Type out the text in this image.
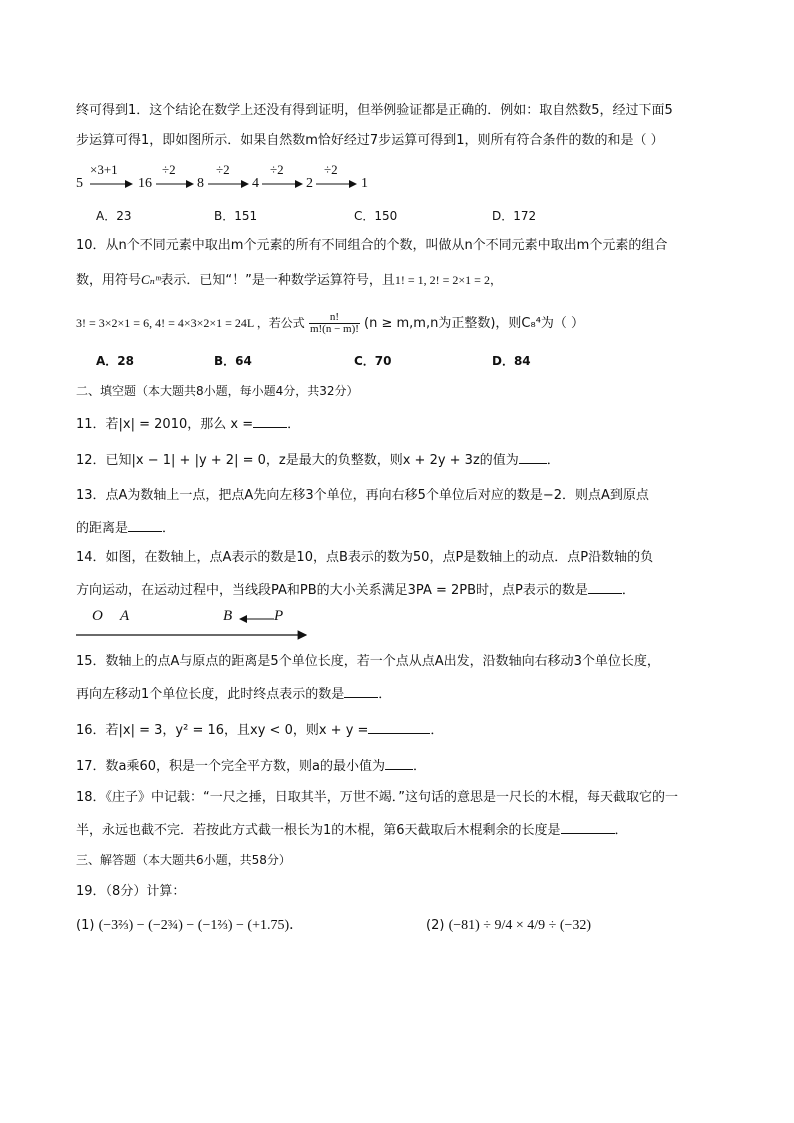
终可得到1．这个结论在数学上还没有得到证明，但举例验证都是正确的．例如：取自然数5，经过下面5
步运算可得1，即如图所示．如果自然数m恰好经过7步运算可得到1，则所有符合条件的数的和是（ ）
5	16	8	4	2	1
×3+1	÷2	÷2	÷2	÷2
A．23	B．151	C．150	D．172
10．从n个不同元素中取出m个元素的所有不同组合的个数，叫做从n个不同元素中取出m个元素的组合
数，用符号Cₙᵐ表示．已知“！”是一种数学运算符号，且1! = 1, 2! = 2×1 = 2，
3! = 3×2×1 = 6, 4! = 4×3×2×1 = 24L ，若公式 $\frac{n!}{m!(n - m)!} (n \ge m,m,n$为正整数)，则C₈⁴为（ ）
A．28	B．64	C．70	D．84
二、填空题（本大题共8小题，每小题4分，共32分）
11．若|x| = 2010，那么 x =	．
12．已知|x − 1| + |y + 2| = 0，z是最大的负整数，则x + 2y + 3z的值为 ．
13．点A为数轴上一点，把点A先向左移3个单位，再向右移5个单位后对应的数是−2．则点A到原点
的距离是	．
14．如图，在数轴上，点A表示的数是10，点B表示的数为50，点P是数轴上的动点．点P沿数轴的负
方向运动，在运动过程中，当线段PA和PB的大小关系满足3PA = 2PB时，点P表示的数是	．
O A	B	P
15．数轴上的点A与原点的距离是5个单位长度，若一个点从点A出发，沿数轴向右移动3个单位长度，
再向左移动1个单位长度，此时终点表示的数是	．
16．若|x| = 3，y² = 16，且xy < 0，则x + y =	．
17．数a乘60，积是一个完全平方数，则a的最小值为 ．
18．《庄子》中记载：“一尺之捶，日取其半，万世不竭．”这句话的意思是一尺长的木棍，每天截取它的一
半，永远也截不完．若按此方式截一根长为1的木棍，第6天截取后木棍剩余的长度是	．
三、解答题（本大题共6小题，共58分）
19．（8分）计算：
(1) (−3⅔) − (−2¾) − (−1⅔) − (+1.75)．	(2) (−81) ÷ 9/4 × 4/9 ÷ (−32)
